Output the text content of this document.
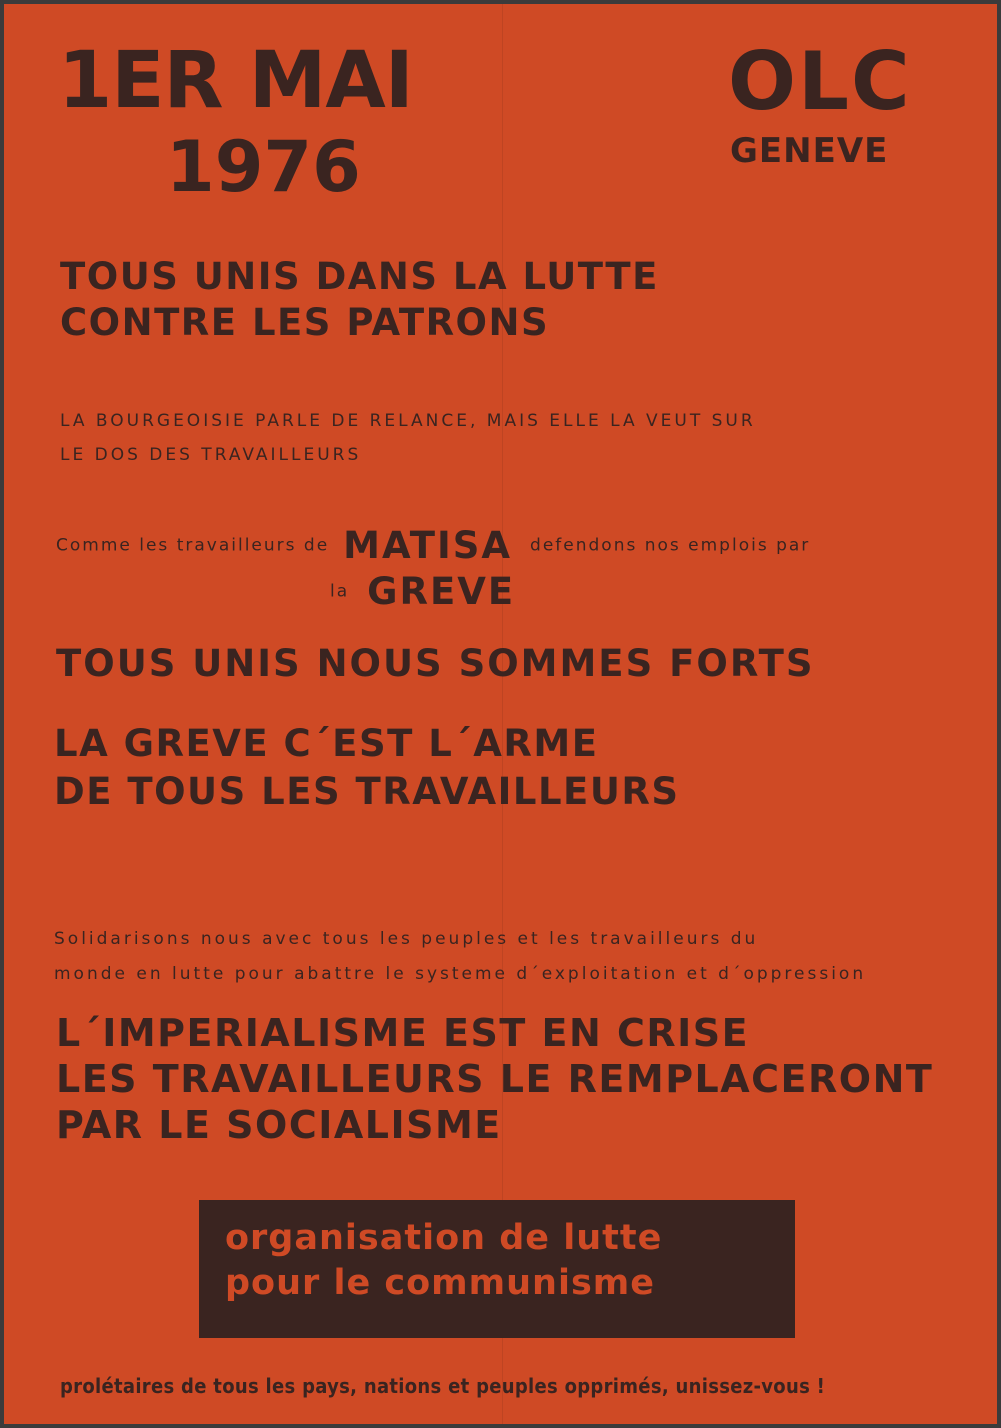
1ER MAI
1976
OLC
GENEVE
TOUS UNIS DANS LA LUTTE
CONTRE LES PATRONS
LA BOURGEOISIE PARLE DE RELANCE, MAIS ELLE LA VEUT SUR
LE DOS DES TRAVAILLEURS
Comme les travailleurs de MATISA defendons nos emplois par
la GREVE
TOUS UNIS NOUS SOMMES FORTS
LA GREVE C´EST L´ARME
DE TOUS LES TRAVAILLEURS
Solidarisons nous avec tous les peuples et les travailleurs du
monde en lutte pour abattre le systeme d´exploitation et d´oppression
L´IMPERIALISME EST EN CRISE
LES TRAVAILLEURS LE REMPLACERONT
PAR LE SOCIALISME
organisation de lutte
pour le communisme
prolétaires de tous les pays, nations et peuples opprimés, unissez-vous !
